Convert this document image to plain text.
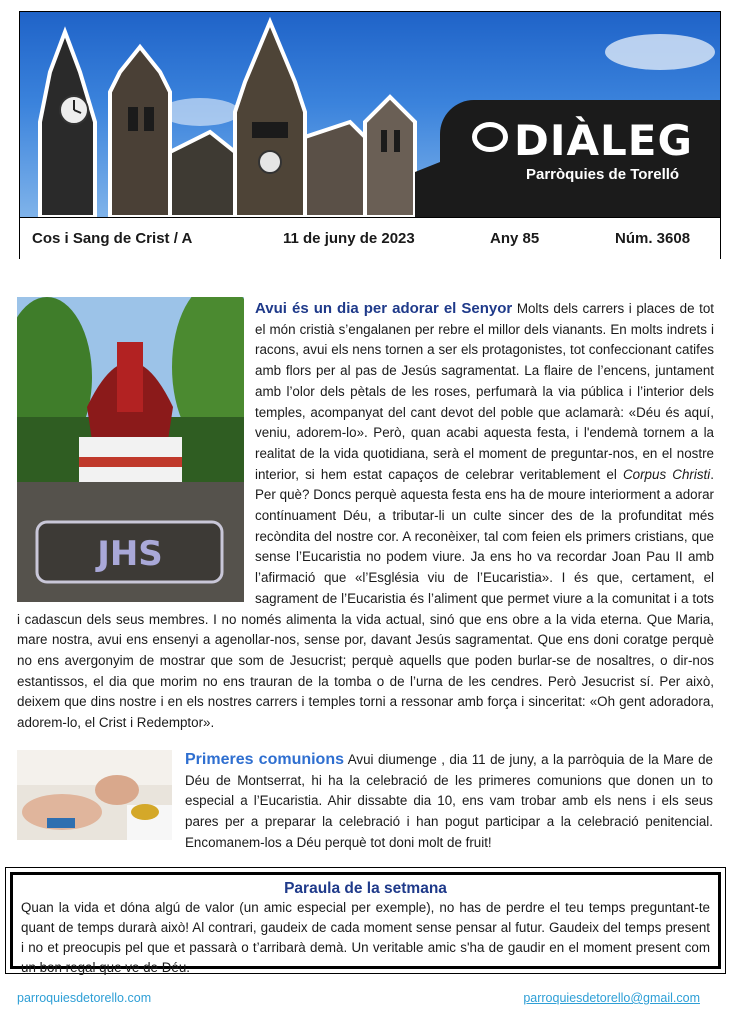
DIÀLEG
Parròquies de Torelló
Cos i Sang de Crist / A	11 de juny de 2023	Any 85	Núm. 3608
JHS
Avui és un dia per adorar el Senyor Molts dels carrers i places de tot el món cristià s’engalanen per rebre el millor dels vianants. En molts indrets i racons, avui els nens tornen a ser els protagonistes, tot confeccionant catifes amb flors per al pas de Jesús sagramentat. La flaire de l’encens, juntament amb l’olor dels pètals de les roses, perfumarà la via pública i l’interior dels temples, acompanyat del cant devot del poble que aclamarà: «Déu és aquí, veniu, adorem-lo». Però, quan acabi aquesta festa, i l'endemà tornem a la realitat de la vida quotidiana, serà el moment de preguntar-nos, en el nostre interior, si hem estat capaços de celebrar veritablement el Corpus Christi. Per què? Doncs perquè aquesta festa ens ha de moure interiorment a adorar contínuament Déu, a tributar-li un culte sincer des de la profunditat més recòndita del nostre cor. A reconèixer, tal com feien els primers cristians, que sense l’Eucaristia no podem viure. Ja ens ho va recordar Joan Pau II amb l’afirmació que «l’Església viu de l’Eucaristia». I és que, certament, el sagrament de l’Eucaristia és l’aliment que permet viure a la comunitat i a tots i cadascun dels seus membres. I no només alimenta la vida actual, sinó que ens obre a la vida eterna. Que Maria, mare nostra, avui ens ensenyi a agenollar-nos, sense por, davant Jesús sagramentat. Que ens doni coratge perquè no ens avergonyim de mostrar que som de Jesucrist; perquè aquells que poden burlar-se de nosaltres, o dir-nos estantissos, el dia que morim no ens trauran de la tomba o de l’urna de les cendres. Però Jesucrist sí. Per això, deixem que dins nostre i en els nostres carrers i temples torni a ressonar amb força i sinceritat: «Oh gent adoradora, adorem-lo, el Crist i Redemptor».
Primeres comunions Avui diumenge , dia 11 de juny, a la parròquia de la Mare de Déu de Montserrat, hi ha la celebració de les primeres comunions que donen un to especial a l’Eucaristia. Ahir dissabte dia 10, ens vam trobar amb els nens i els seus pares per a preparar la celebració i han pogut participar a la celebració penitencial. Encomanem-los a Déu perquè tot doni molt de fruit!
Paraula de la setmana
Quan la vida et dóna algú de valor (un amic especial per exemple), no has de perdre el teu temps preguntant-te quant de temps durarà això! Al contrari, gaudeix de cada moment sense pensar al futur. Gaudeix del temps present i no et preocupis pel que et passarà o t’arribarà demà. Un veritable amic s'ha de gaudir en el moment present com un bon regal que ve de Déu.
parroquiesdetorello.com	parroquiesdetorello@gmail.com
